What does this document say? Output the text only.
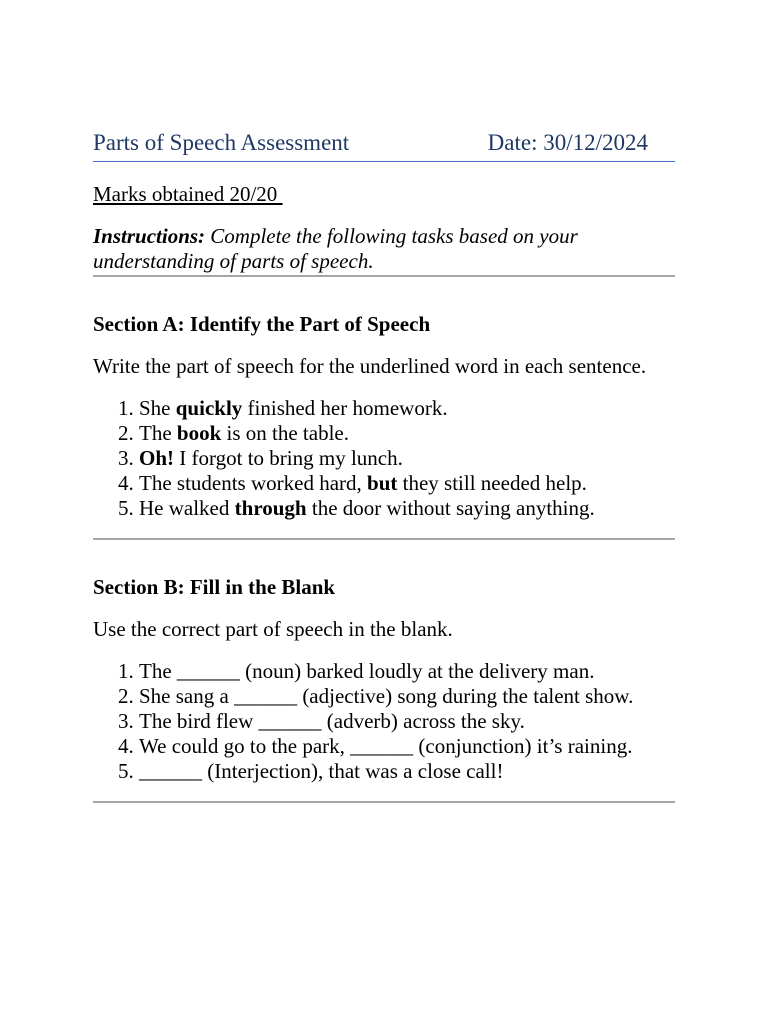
Parts of Speech Assessment	Date: 30/12/2024
Marks obtained 20/20
Instructions: Complete the following tasks based on your understanding of parts of speech.
Section A: Identify the Part of Speech
Write the part of speech for the underlined word in each sentence.
1. She quickly finished her homework.
2. The book is on the table.
3. Oh! I forgot to bring my lunch.
4. The students worked hard, but they still needed help.
5. He walked through the door without saying anything.
Section B: Fill in the Blank
Use the correct part of speech in the blank.
1. The ______ (noun) barked loudly at the delivery man.
2. She sang a ______ (adjective) song during the talent show.
3. The bird flew ______ (adverb) across the sky.
4. We could go to the park, ______ (conjunction) it’s raining.
5. ______ (Interjection), that was a close call!
